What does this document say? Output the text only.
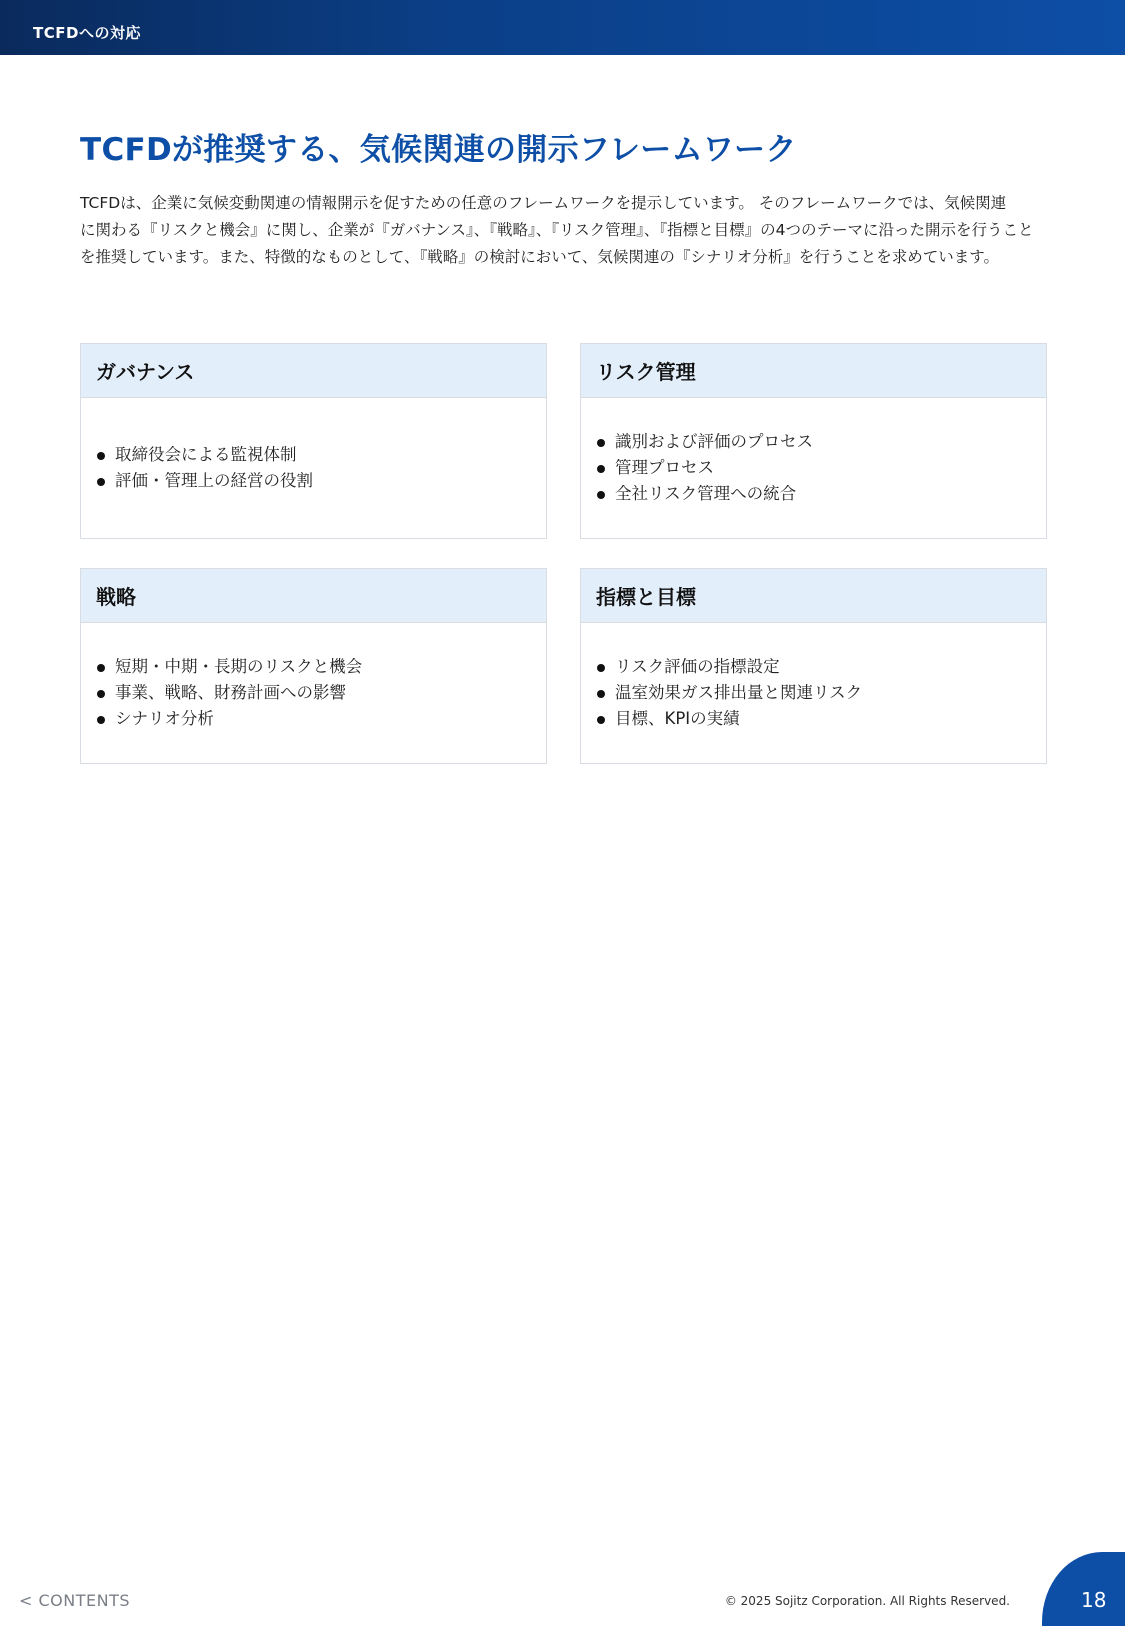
TCFDへの対応
TCFDが推奨する、気候関連の開示フレームワーク
TCFDは、企業に気候変動関連の情報開示を促すための任意のフレームワークを提示しています。 そのフレームワークでは、気候関連
に関わる『リスクと機会』に関し、企業が『ガバナンス』、『戦略』、『リスク管理』、『指標と目標』の4つのテーマに沿った開示を行うこと
を推奨しています。また、特徴的なものとして、『戦略』の検討において、気候関連の『シナリオ分析』を行うことを求めています。
ガバナンス
取締役会による監視体制
評価・管理上の経営の役割
リスク管理
識別および評価のプロセス
管理プロセス
全社リスク管理への統合
戦略
短期・中期・長期のリスクと機会
事業、戦略、財務計画への影響
シナリオ分析
指標と目標
リスク評価の指標設定
温室効果ガス排出量と関連リスク
目標、KPIの実績
< CONTENTS	© 2025 Sojitz Corporation. All Rights Reserved.	18
